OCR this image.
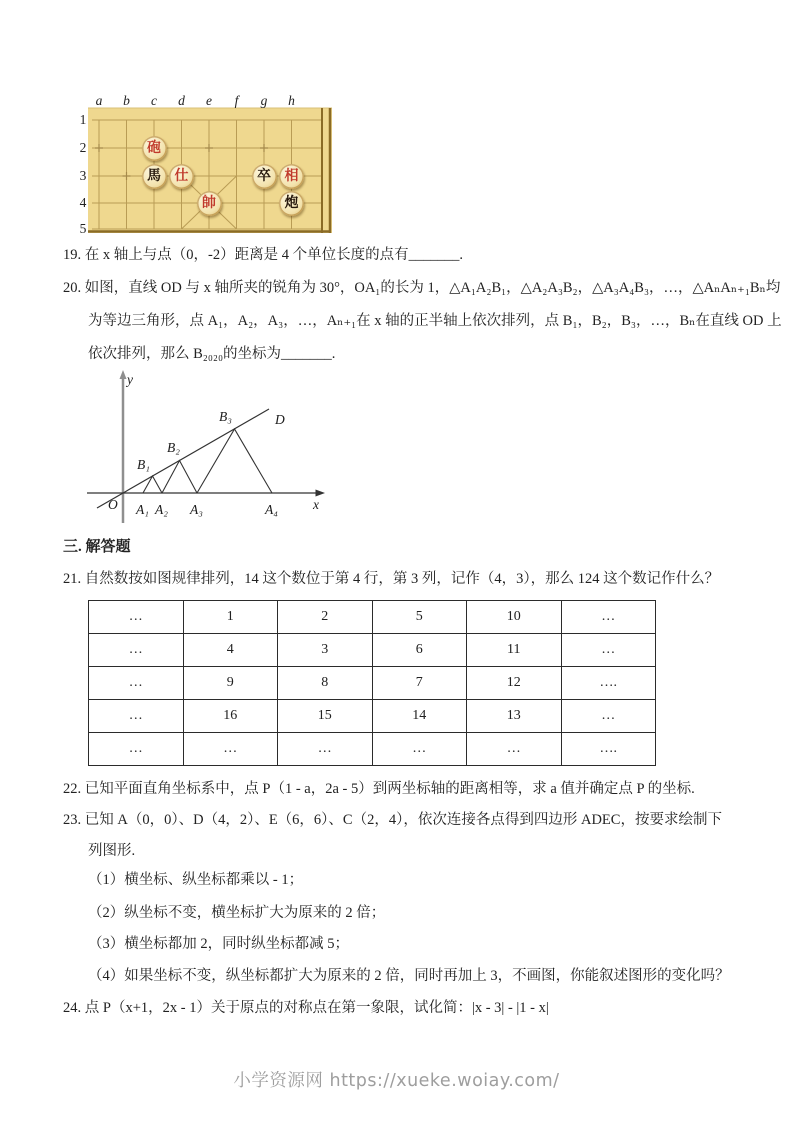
a b c d e f g h
1
2
3
4
5
砲
馬 仕
帥
卒 相
炮
19. 在 x 轴上与点（0，-2）距离是 4 个单位长度的点有_______.
20. 如图，直线 OD 与 x 轴所夹的锐角为 30°，OA₁的长为 1，△A₁A₂B₁，△A₂A₃B₂，△A₃A₄B₃，…，△AₙAₙ₊₁Bₙ均
为等边三角形，点 A₁，A₂，A₃，…，Aₙ₊₁在 x 轴的正半轴上依次排列，点 B₁，B₂，B₃，…，Bₙ在直线 OD 上
依次排列，那么 B₂₀₂₀的坐标为_______.
y
x
O A₁ A₂ A₃	A₄
B₁
B₂
B₃	D
三. 解答题
21. 自然数按如图规律排列，14 这个数位于第 4 行，第 3 列，记作（4，3），那么 124 这个数记作什么？
…	1	2	5	10	…
…	4	3	6	11	…
…	9	8	7	12	….
…	16	15	14	13	…
…	…	…	…	…	….
22. 已知平面直角坐标系中，点 P（1 - a，2a - 5）到两坐标轴的距离相等，求 a 值并确定点 P 的坐标.
23. 已知 A（0，0）、D（4，2）、E（6，6）、C（2，4），依次连接各点得到四边形 ADEC，按要求绘制下
列图形.
（1）横坐标、纵坐标都乘以 - 1；
（2）纵坐标不变，横坐标扩大为原来的 2 倍；
（3）横坐标都加 2，同时纵坐标都减 5；
（4）如果坐标不变，纵坐标都扩大为原来的 2 倍，同时再加上 3，不画图，你能叙述图形的变化吗？
24. 点 P（x+1，2x - 1）关于原点的对称点在第一象限，试化简：|x - 3| - |1 - x|
小学资源网 https://xueke.woiay.com/
